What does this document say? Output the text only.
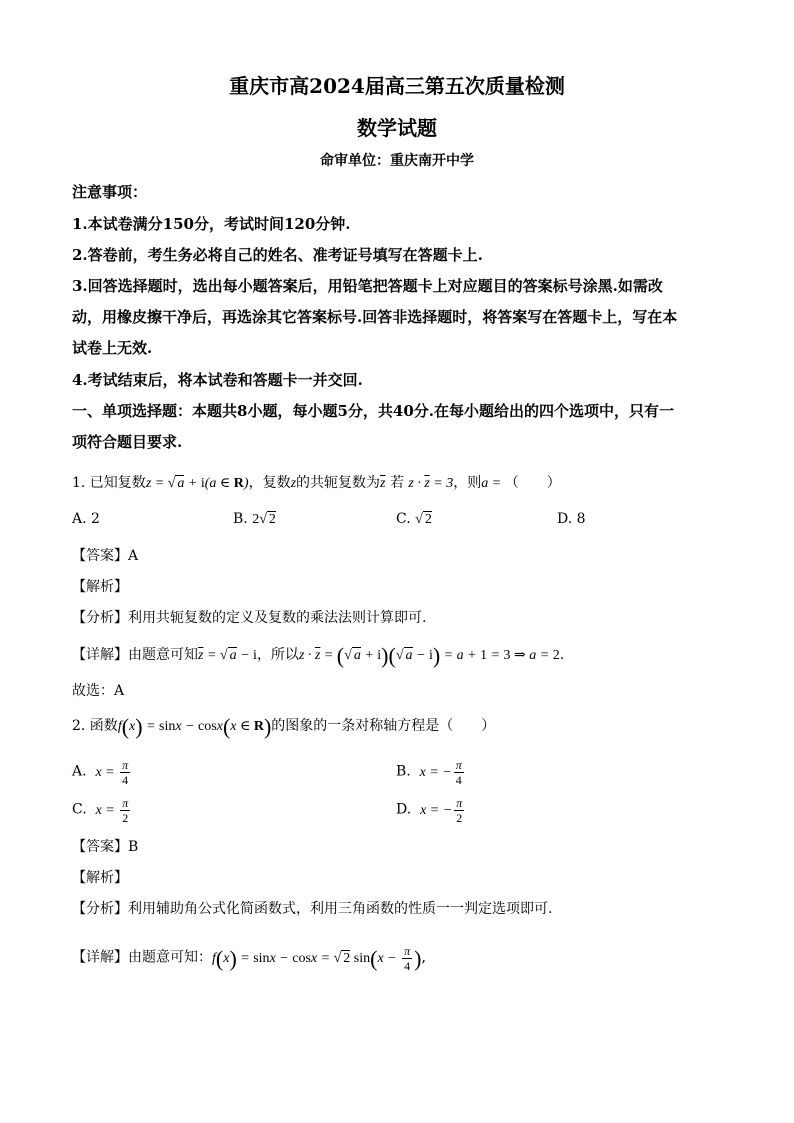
重庆市高2024届高三第五次质量检测
数学试题
命审单位：重庆南开中学
注意事项：
1.本试卷满分150分，考试时间120分钟.
2.答卷前，考生务必将自己的姓名、准考证号填写在答题卡上.
3.回答选择题时，选出每小题答案后，用铅笔把答题卡上对应题目的答案标号涂黑.如需改
动，用橡皮擦干净后，再选涂其它答案标号.回答非选择题时，将答案写在答题卡上，写在本
试卷上无效.
4.考试结束后，将本试卷和答题卡一并交回.
一、单项选择题：本题共8小题，每小题5分，共40分.在每小题给出的四个选项中，只有一
项符合题目要求.
1. 已知复数z = √ a + i(a ∈ R)，复数z的共轭复数为$\overline{z}$ 若 $z \cdot \overline{z} = 3$，则a = （　　）
A. 2	B. 2√ 2	C. √ 2	D. 8
【答案】A
【解析】
【分析】利用共轭复数的定义及复数的乘法法则计算即可.
【详解】由题意可知$\overline{z}$ = √ a − i，所以$z \cdot \overline{z}$ = (√ a + i)(√ a − i) = a + 1 = 3 ⇒ a = 2.
故选：A
2. 函数f(x) = sinx − cosx(x ∈ R)的图象的一条对称轴方程是（　　）
A. $x = \frac{\pi}{4}$	B. x = − $\frac{\pi}{4}$
C. $x = \frac{\pi}{2}$	D. x = − $\frac{\pi}{2}$
【答案】B
【解析】
【分析】利用辅助角公式化简函数式，利用三角函数的性质一一判定选项即可.
【详解】由题意可知：f(x) = sinx − cosx = √ 2 $\sin(x - \frac{\pi}{4}$ ),
